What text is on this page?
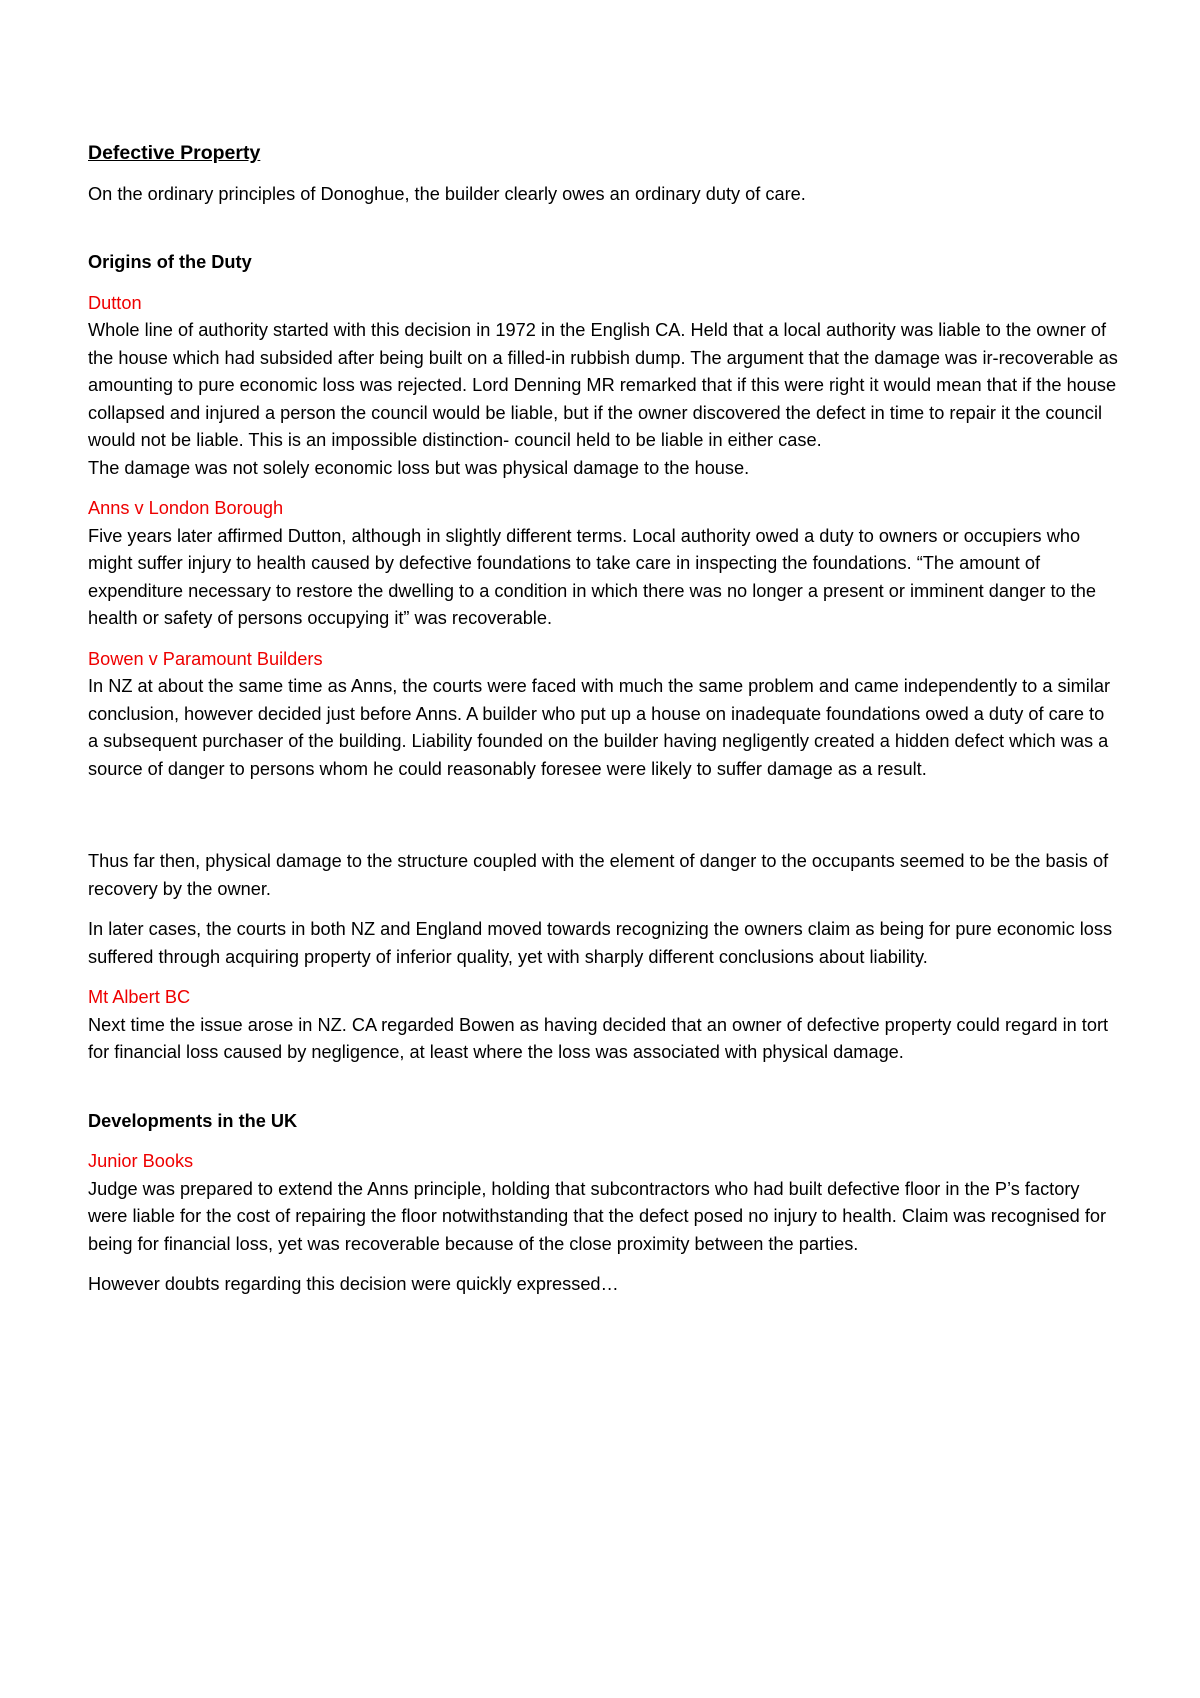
Defective Property

On the ordinary principles of Donoghue, the builder clearly owes an ordinary duty of care.

Origins of the Duty
Dutton
Whole line of authority started with this decision in 1972 in the English CA. Held that a local authority was liable to the owner of the house which had subsided after being built on a filled-in rubbish dump. The argument that the damage was ir-recoverable as amounting to pure economic loss was rejected. Lord Denning MR remarked that if this were right it would mean that if the house collapsed and injured a person the council would be liable, but if the owner discovered the defect in time to repair it the council would not be liable. This is an impossible distinction- council held to be liable in either case.

The damage was not solely economic loss but was physical damage to the house.

Anns v London Borough

Five years later affirmed Dutton, although in slightly different terms. Local authority owed a duty to owners or occupiers who might suffer injury to health caused by defective foundations to take care in inspecting the foundations. “The amount of expenditure necessary to restore the dwelling to a condition in which there was no longer a present or imminent danger to the health or safety of persons occupying it” was recoverable.

Bowen v Paramount Builders

In NZ at about the same time as Anns, the courts were faced with much the same problem and came independently to a similar conclusion, however decided just before Anns. A builder who put up a house on inadequate foundations owed a duty of care to a subsequent purchaser of the building. Liability founded on the builder having negligently created a hidden defect which was a source of danger to persons whom he could reasonably foresee were likely to suffer damage as a result.

Thus far then, physical damage to the structure coupled with the element of danger to the occupants seemed to be the basis of recovery by the owner.

In later cases, the courts in both NZ and England moved towards recognizing the owners claim as being for pure economic loss suffered through acquiring property of inferior quality, yet with sharply different conclusions about liability.

Mt Albert BC

Next time the issue arose in NZ. CA regarded Bowen as having decided that an owner of defective property could regard in tort for financial loss caused by negligence, at least where the loss was associated with physical damage.

Developments in the UK
Junior Books

Judge was prepared to extend the Anns principle, holding that subcontractors who had built defective floor in the P’s factory were liable for the cost of repairing the floor notwithstanding that the defect posed no injury to health. Claim was recognised for being for financial loss, yet was recoverable because of the close proximity between the parties.

However doubts regarding this decision were quickly expressed…
